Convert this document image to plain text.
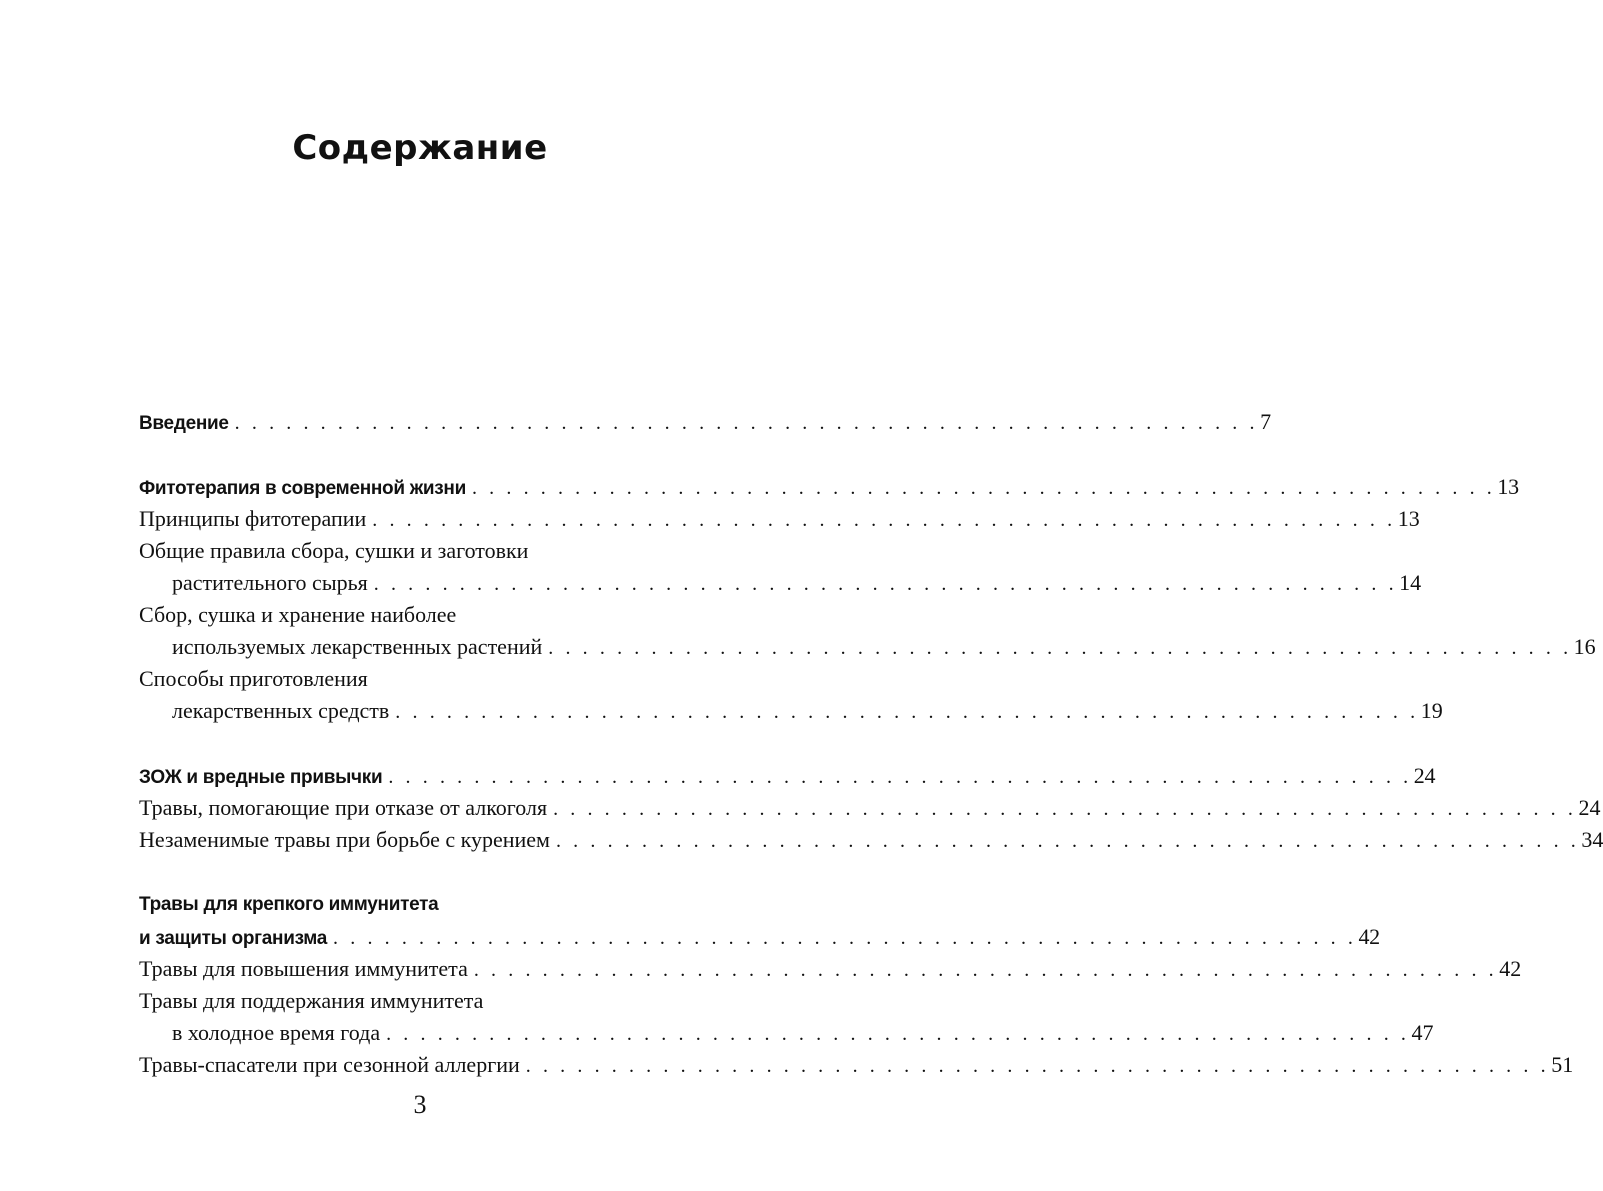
Содержание
Введение . . . . . . . . . . . . . . . . . . . . . . . . . . . . . . . . . . . . . . . . . . . . . . . . . . . . . . . . . . . . 7
Фитотерапия в современной жизни . . . . . . . . . . . . . . . . . . . . . . . . . . . . . . . . . . . . . . . . . . . . . . . . . . . . . . . . . . . . 13
Принципы фитотерапии . . . . . . . . . . . . . . . . . . . . . . . . . . . . . . . . . . . . . . . . . . . . . . . . . . . . . . . . . . . . 13
Общие правила сбора, сушки и заготовки
растительного сырья . . . . . . . . . . . . . . . . . . . . . . . . . . . . . . . . . . . . . . . . . . . . . . . . . . . . . . . . . . . . 14
Сбор, сушка и хранение наиболее
используемых лекарственных растений . . . . . . . . . . . . . . . . . . . . . . . . . . . . . . . . . . . . . . . . . . . . . . . . . . . . . . . . . . . . 16
Способы приготовления
лекарственных средств . . . . . . . . . . . . . . . . . . . . . . . . . . . . . . . . . . . . . . . . . . . . . . . . . . . . . . . . . . . . 19
ЗОЖ и вредные привычки . . . . . . . . . . . . . . . . . . . . . . . . . . . . . . . . . . . . . . . . . . . . . . . . . . . . . . . . . . . . 24
Травы, помогающие при отказе от алкоголя . . . . . . . . . . . . . . . . . . . . . . . . . . . . . . . . . . . . . . . . . . . . . . . . . . . . . . . . . . . . 24
Незаменимые травы при борьбе с курением . . . . . . . . . . . . . . . . . . . . . . . . . . . . . . . . . . . . . . . . . . . . . . . . . . . . . . . . . . . . 34
Травы для крепкого иммунитета
и защиты организма . . . . . . . . . . . . . . . . . . . . . . . . . . . . . . . . . . . . . . . . . . . . . . . . . . . . . . . . . . . . 42
Травы для повышения иммунитета . . . . . . . . . . . . . . . . . . . . . . . . . . . . . . . . . . . . . . . . . . . . . . . . . . . . . . . . . . . . 42
Травы для поддержания иммунитета
в холодное время года . . . . . . . . . . . . . . . . . . . . . . . . . . . . . . . . . . . . . . . . . . . . . . . . . . . . . . . . . . . . 47
Травы-спасатели при сезонной аллергии . . . . . . . . . . . . . . . . . . . . . . . . . . . . . . . . . . . . . . . . . . . . . . . . . . . . . . . . . . . . 51
3
